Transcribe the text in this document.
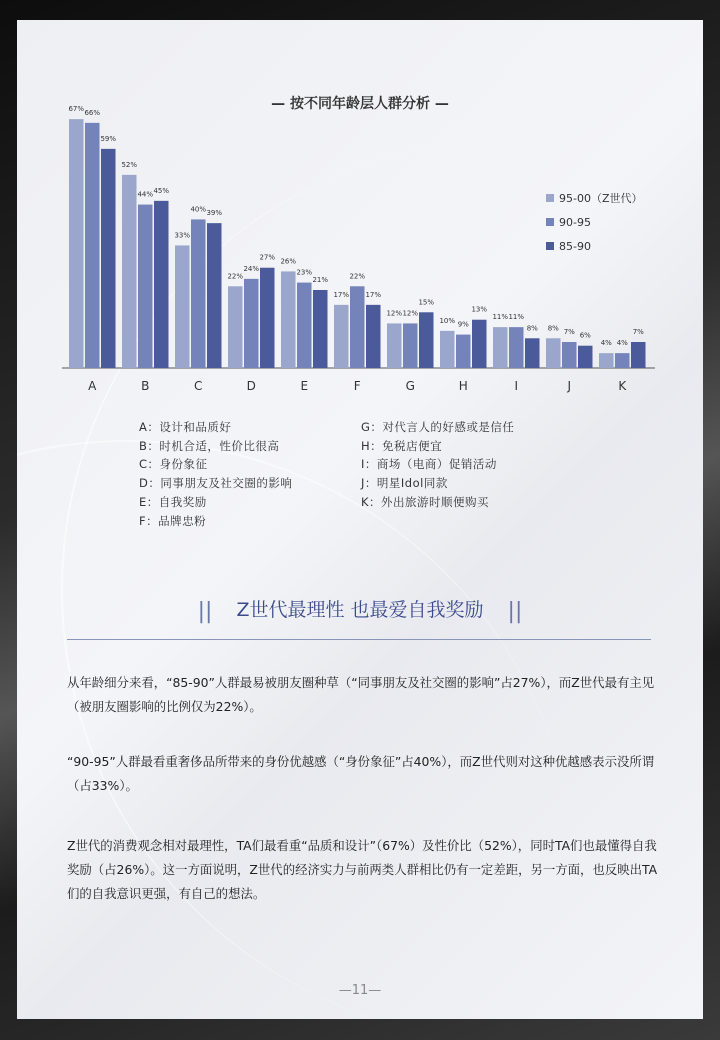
— 按不同年龄层人群分析 —
67% 66%
59%
A
52%
44% 45%
B
33%
40% 39%
C
22%
24%
27%
D
26%
23%
21%
E
17%
22%
17%
F
12% 12%
15%
G
10% 9%
13%
H
11% 11%
8%
I
8% 7% 6%
J
4% 4%
7%
K
95-00（Z世代）
90-95
85-90
A：设计和品质好
B：时机合适，性价比很高
C：身份象征
D：同事朋友及社交圈的影响
E：自我奖励
F：品牌忠粉
G：对代言人的好感或是信任
H：免税店便宜
I：商场（电商）促销活动
J：明星Idol同款
K：外出旅游时顺便购买
|| Z世代最理性 也最爱自我奖励 ||
从年龄细分来看，“85-90”人群最易被朋友圈种草（“同事朋友及社交圈的影响”占27%），而Z世代最有主见（被朋友圈影响的比例仅为22%）。
“90-95”人群最看重奢侈品所带来的身份优越感（“身份象征”占40%），而Z世代则对这种优越感表示没所谓（占33%）。
Z世代的消费观念相对最理性，TA们最看重“品质和设计”（67%）及性价比（52%），同时TA们也最懂得自我奖励（占26%）。这一方面说明，Z世代的经济实力与前两类人群相比仍有一定差距，另一方面，也反映出TA们的自我意识更强，有自己的想法。
—11—
